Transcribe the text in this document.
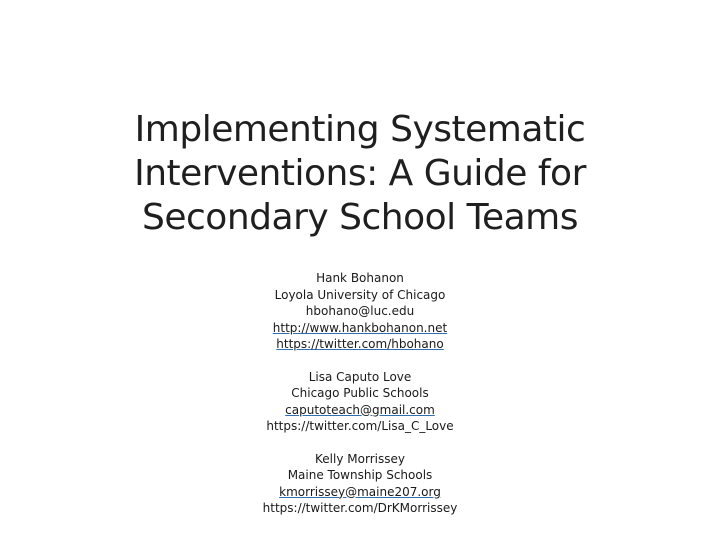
Implementing Systematic
Interventions: A Guide for
Secondary School Teams
Hank Bohanon
Loyola University of Chicago
hbohano@luc.edu
http://www.hankbohanon.net
https://twitter.com/hbohano
Lisa Caputo Love
Chicago Public Schools
caputoteach@gmail.com
https://twitter.com/Lisa_C_Love
Kelly Morrissey
Maine Township Schools
kmorrissey@maine207.org
https://twitter.com/DrKMorrissey
